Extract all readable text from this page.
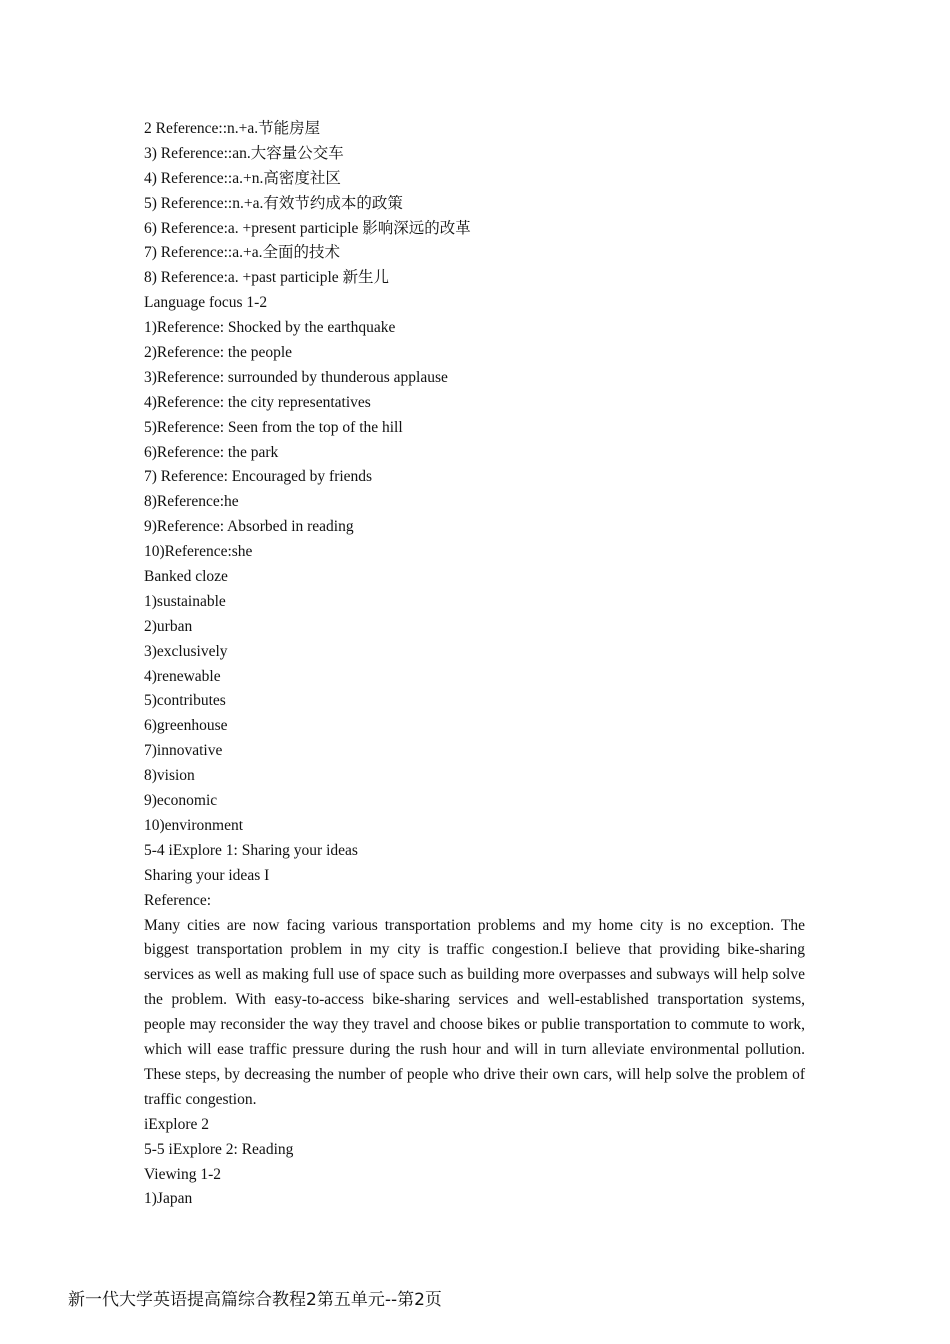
2 Reference::n.+a.节能房屋
3) Reference::an.大容量公交车
4) Reference::a.+n.高密度社区
5) Reference::n.+a.有效节约成本的政策
6) Reference:a. +present participle 影响深远的改革
7) Reference::a.+a.全面的技术
8) Reference:a. +past participle 新生儿
Language focus 1-2
1)Reference: Shocked by the earthquake
2)Reference: the people
3)Reference: surrounded by thunderous applause
4)Reference: the city representatives
5)Reference: Seen from the top of the hill
6)Reference: the park
7) Reference: Encouraged by friends
8)Reference:he
9)Reference: Absorbed in reading
10)Reference:she
Banked cloze
1)sustainable
2)urban
3)exclusively
4)renewable
5)contributes
6)greenhouse
7)innovative
8)vision
9)economic
10)environment
5-4 iExplore 1: Sharing your ideas
Sharing your ideas I
Reference:
Many cities are now facing various transportation problems and my home city is no exception. The biggest transportation problem in my city is traffic congestion.I believe that providing bike-sharing services as well as making full use of space such as building more overpasses and subways will help solve the problem. With easy-to-access bike-sharing services and well-established transportation systems, people may reconsider the way they travel and choose bikes or publie transportation to commute to work, which will ease traffic pressure during the rush hour and will in turn alleviate environmental pollution. These steps, by decreasing the number of people who drive their own cars, will help solve the problem of traffic congestion.
iExplore 2
5-5 iExplore 2: Reading
Viewing 1-2
1)Japan
新一代大学英语提高篇综合教程2第五单元--第2页
